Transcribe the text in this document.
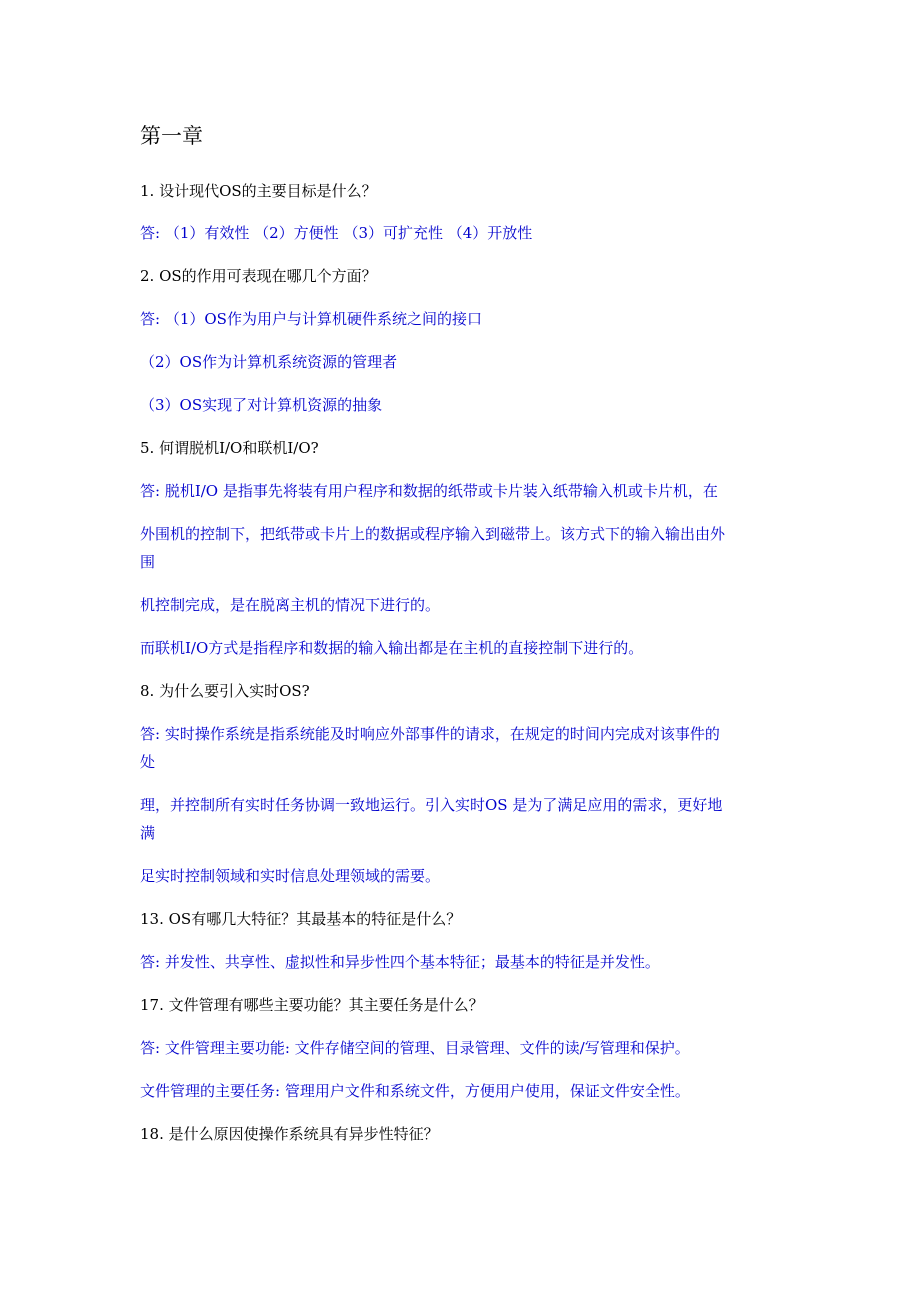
第一章
1. 设计现代OS的主要目标是什么？
答: （1）有效性 （2）方便性 （3）可扩充性 （4）开放性
2. OS的作用可表现在哪几个方面？
答: （1）OS作为用户与计算机硬件系统之间的接口
（2）OS作为计算机系统资源的管理者
（3）OS实现了对计算机资源的抽象
5. 何谓脱机I/O和联机I/O?
答: 脱机I/O 是指事先将装有用户程序和数据的纸带或卡片装入纸带输入机或卡片机，在
外围机的控制下，把纸带或卡片上的数据或程序输入到磁带上。该方式下的输入输出由外
围
机控制完成，是在脱离主机的情况下进行的。
而联机I/O方式是指程序和数据的输入输出都是在主机的直接控制下进行的。
8. 为什么要引入实时OS?
答: 实时操作系统是指系统能及时响应外部事件的请求，在规定的时间内完成对该事件的
处
理，并控制所有实时任务协调一致地运行。引入实时OS 是为了满足应用的需求，更好地
满
足实时控制领域和实时信息处理领域的需要。
13. OS有哪几大特征？其最基本的特征是什么？
答: 并发性、共享性、虚拟性和异步性四个基本特征；最基本的特征是并发性。
17. 文件管理有哪些主要功能？其主要任务是什么？
答: 文件管理主要功能: 文件存储空间的管理、目录管理、文件的读/写管理和保护。
文件管理的主要任务: 管理用户文件和系统文件，方便用户使用，保证文件安全性。
18. 是什么原因使操作系统具有异步性特征？
